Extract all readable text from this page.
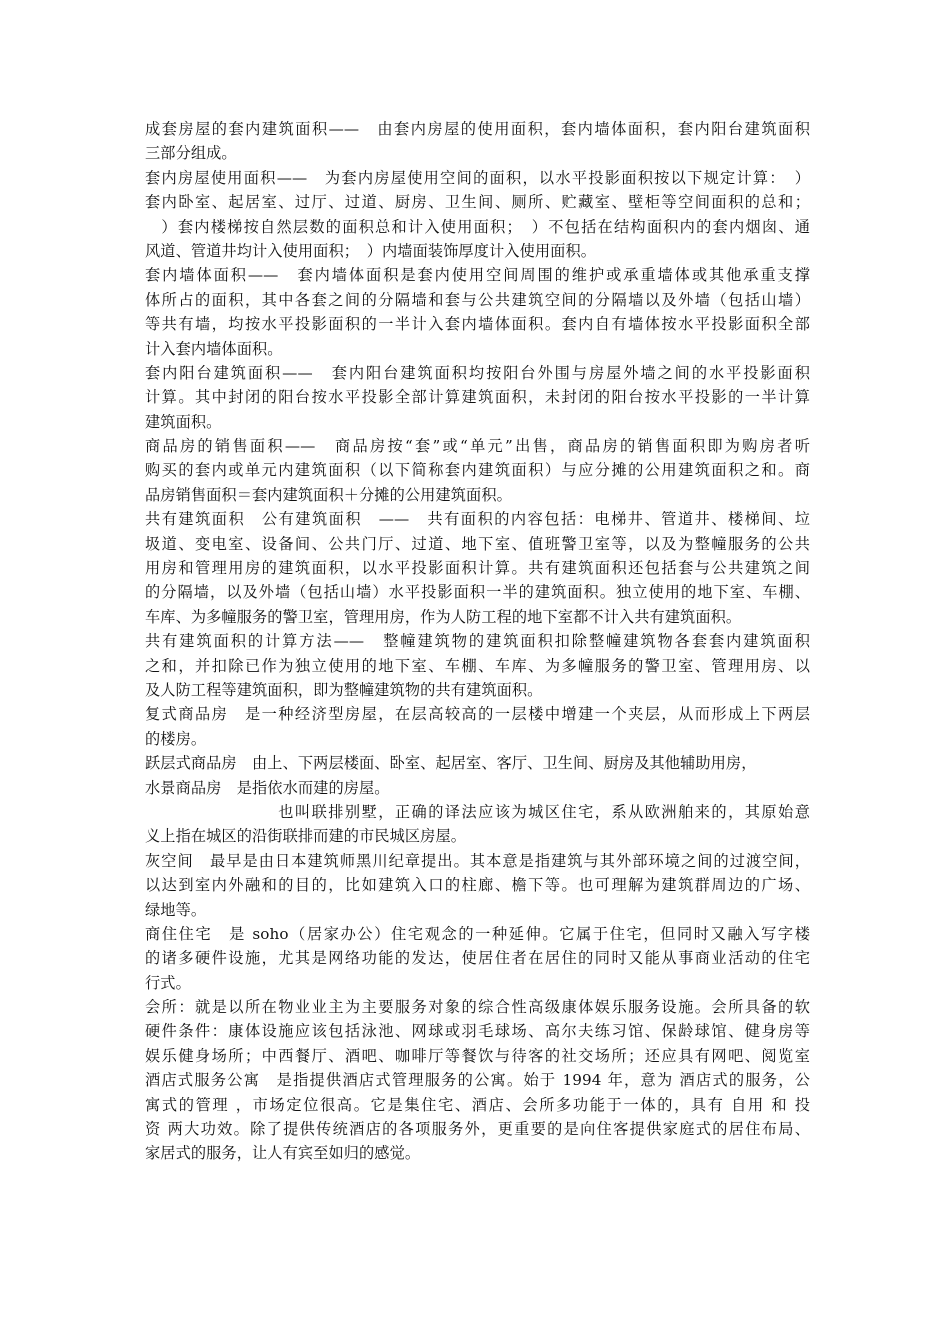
成套房屋的套内建筑面积——　由套内房屋的使用面积，套内墙体面积，套内阳台建筑面积
三部分组成。
套内房屋使用面积——　为套内房屋使用空间的面积，以水平投影面积按以下规定计算：　）
套内卧室、起居室、过厅、过道、厨房、卫生间、厕所、贮藏室、壁柜等空间面积的总和；
　）套内楼梯按自然层数的面积总和计入使用面积；　）不包括在结构面积内的套内烟囱、通
风道、管道井均计入使用面积；　）内墙面装饰厚度计入使用面积。
套内墙体面积——　套内墙体面积是套内使用空间周围的维护或承重墙体或其他承重支撑
体所占的面积，其中各套之间的分隔墙和套与公共建筑空间的分隔墙以及外墙（包括山墙）
等共有墙，均按水平投影面积的一半计入套内墙体面积。套内自有墙体按水平投影面积全部
计入套内墙体面积。
套内阳台建筑面积——　套内阳台建筑面积均按阳台外围与房屋外墙之间的水平投影面积
计算。其中封闭的阳台按水平投影全部计算建筑面积，未封闭的阳台按水平投影的一半计算
建筑面积。
商品房的销售面积——　商品房按“套”或“单元”出售，商品房的销售面积即为购房者听
购买的套内或单元内建筑面积（以下简称套内建筑面积）与应分摊的公用建筑面积之和。商
品房销售面积＝套内建筑面积＋分摊的公用建筑面积。
共有建筑面积　公有建筑面积　——　共有面积的内容包括：电梯井、管道井、楼梯间、垃
圾道、变电室、设备间、公共门厅、过道、地下室、值班警卫室等，以及为整幢服务的公共
用房和管理用房的建筑面积，以水平投影面积计算。共有建筑面积还包括套与公共建筑之间
的分隔墙，以及外墙（包括山墙）水平投影面积一半的建筑面积。独立使用的地下室、车棚、
车库、为多幢服务的警卫室，管理用房，作为人防工程的地下室都不计入共有建筑面积。
共有建筑面积的计算方法——　整幢建筑物的建筑面积扣除整幢建筑物各套套内建筑面积
之和，并扣除已作为独立使用的地下室、车棚、车库、为多幢服务的警卫室、管理用房、以
及人防工程等建筑面积，即为整幢建筑物的共有建筑面积。
复式商品房　是一种经济型房屋，在层高较高的一层楼中增建一个夹层，从而形成上下两层
的楼房。
跃层式商品房　由上、下两层楼面、卧室、起居室、客厅、卫生间、厨房及其他辅助用房，
水景商品房　是指依水而建的房屋。
　　　　　　　　也叫联排别墅，正确的译法应该为城区住宅，系从欧洲舶来的，其原始意
义上指在城区的沿街联排而建的市民城区房屋。
灰空间　最早是由日本建筑师黑川纪章提出。其本意是指建筑与其外部环境之间的过渡空间，
以达到室内外融和的目的，比如建筑入口的柱廊、檐下等。也可理解为建筑群周边的广场、
绿地等。
商住住宅　是 soho（居家办公）住宅观念的一种延伸。它属于住宅，但同时又融入写字楼
的诸多硬件设施，尤其是网络功能的发达，使居住者在居住的同时又能从事商业活动的住宅
行式。
会所：就是以所在物业业主为主要服务对象的综合性高级康体娱乐服务设施。会所具备的软
硬件条件：康体设施应该包括泳池、网球或羽毛球场、高尔夫练习馆、保龄球馆、健身房等
娱乐健身场所；中西餐厅、酒吧、咖啡厅等餐饮与待客的社交场所；还应具有网吧、阅览室
酒店式服务公寓　是指提供酒店式管理服务的公寓。始于 1994 年，意为 酒店式的服务，公
寓式的管理 ，市场定位很高。它是集住宅、酒店、会所多功能于一体的，具有 自用 和 投
资 两大功效。除了提供传统酒店的各项服务外，更重要的是向住客提供家庭式的居住布局、
家居式的服务，让人有宾至如归的感觉。
